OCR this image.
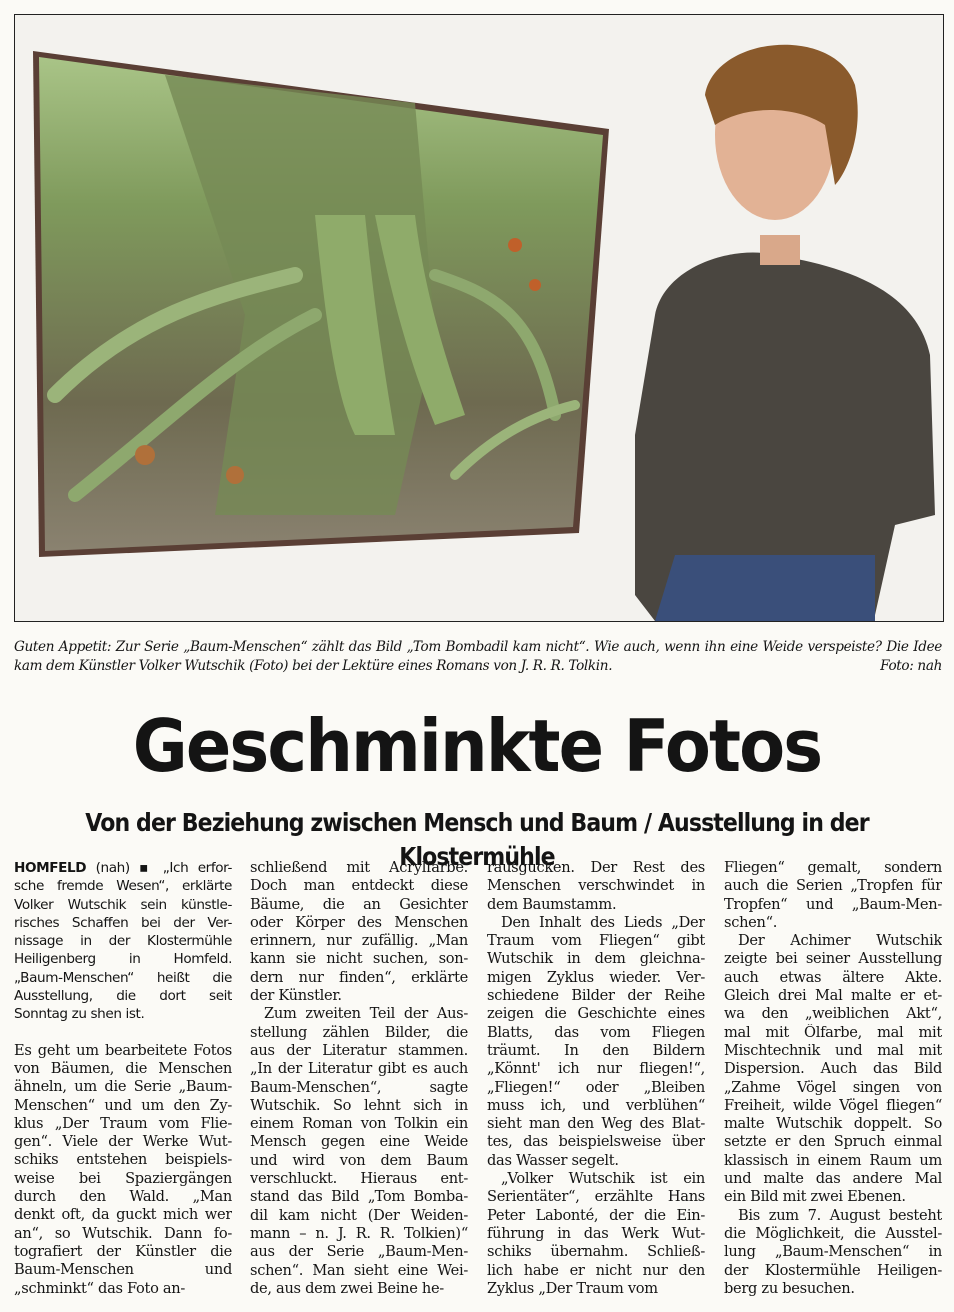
Guten Appetit: Zur Serie „Baum-Menschen“ zählt das Bild „Tom Bombadil kam nicht“. Wie auch, wenn ihn eine Weide verspeiste? Die Idee kam dem Künstler Volker Wutschik (Foto) bei der Lektüre eines Romans von J. R. R. Tolkin.	Foto: nah
Geschminkte Fotos
Von der Beziehung zwischen Mensch und Baum / Ausstellung in der Klostermühle
HOMFELD (nah) ▪ „Ich erfor-
sche fremde Wesen“, erklärte
Volker Wutschik sein künstle-
risches Schaffen bei der Ver-
nissage in der Klostermühle
Heiligenberg in Homfeld.
„Baum-Menschen“ heißt die
Ausstellung, die dort seit
Sonntag zu shen ist.
Es geht um bearbeitete Fotos
von Bäumen, die Menschen
ähneln, um die Serie „Baum-
Menschen“ und um den Zy-
klus „Der Traum vom Flie-
gen“. Viele der Werke Wut-
schiks entstehen beispiels-
weise bei Spaziergängen
durch den Wald. „Man
denkt oft, da guckt mich wer
an“, so Wutschik. Dann fo-
tografiert der Künstler die
Baum-Menschen und
„schminkt“ das Foto an-
schließend mit Acrylfarbe.
Doch man entdeckt diese
Bäume, die an Gesichter
oder Körper des Menschen
erinnern, nur zufällig. „Man
kann sie nicht suchen, son-
dern nur finden“, erklärte
der Künstler.
Zum zweiten Teil der Aus-
stellung zählen Bilder, die
aus der Literatur stammen.
„In der Literatur gibt es auch
Baum-Menschen“, sagte
Wutschik. So lehnt sich in
einem Roman von Tolkin ein
Mensch gegen eine Weide
und wird von dem Baum
verschluckt. Hieraus ent-
stand das Bild „Tom Bomba-
dil kam nicht (Der Weiden-
mann – n. J. R. R. Tolkien)“
aus der Serie „Baum-Men-
schen“. Man sieht eine Wei-
de, aus dem zwei Beine he-
rausgucken. Der Rest des
Menschen verschwindet in
dem Baumstamm.
Den Inhalt des Lieds „Der
Traum vom Fliegen“ gibt
Wutschik in dem gleichna-
migen Zyklus wieder. Ver-
schiedene Bilder der Reihe
zeigen die Geschichte eines
Blatts, das vom Fliegen
träumt. In den Bildern
„Könnt' ich nur fliegen!“,
„Fliegen!“ oder „Bleiben
muss ich, und verblühen“
sieht man den Weg des Blat-
tes, das beispielsweise über
das Wasser segelt.
„Volker Wutschik ist ein
Serientäter“, erzählte Hans
Peter Labonté, der die Ein-
führung in das Werk Wut-
schiks übernahm. Schließ-
lich habe er nicht nur den
Zyklus „Der Traum vom
Fliegen“ gemalt, sondern
auch die Serien „Tropfen für
Tropfen“ und „Baum-Men-
schen“.
Der Achimer Wutschik
zeigte bei seiner Ausstellung
auch etwas ältere Akte.
Gleich drei Mal malte er et-
wa den „weiblichen Akt“,
mal mit Ölfarbe, mal mit
Mischtechnik und mal mit
Dispersion. Auch das Bild
„Zahme Vögel singen von
Freiheit, wilde Vögel fliegen“
malte Wutschik doppelt. So
setzte er den Spruch einmal
klassisch in einem Raum um
und malte das andere Mal
ein Bild mit zwei Ebenen.
Bis zum 7. August besteht
die Möglichkeit, die Ausstel-
lung „Baum-Menschen“ in
der Klostermühle Heiligen-
berg zu besuchen.
